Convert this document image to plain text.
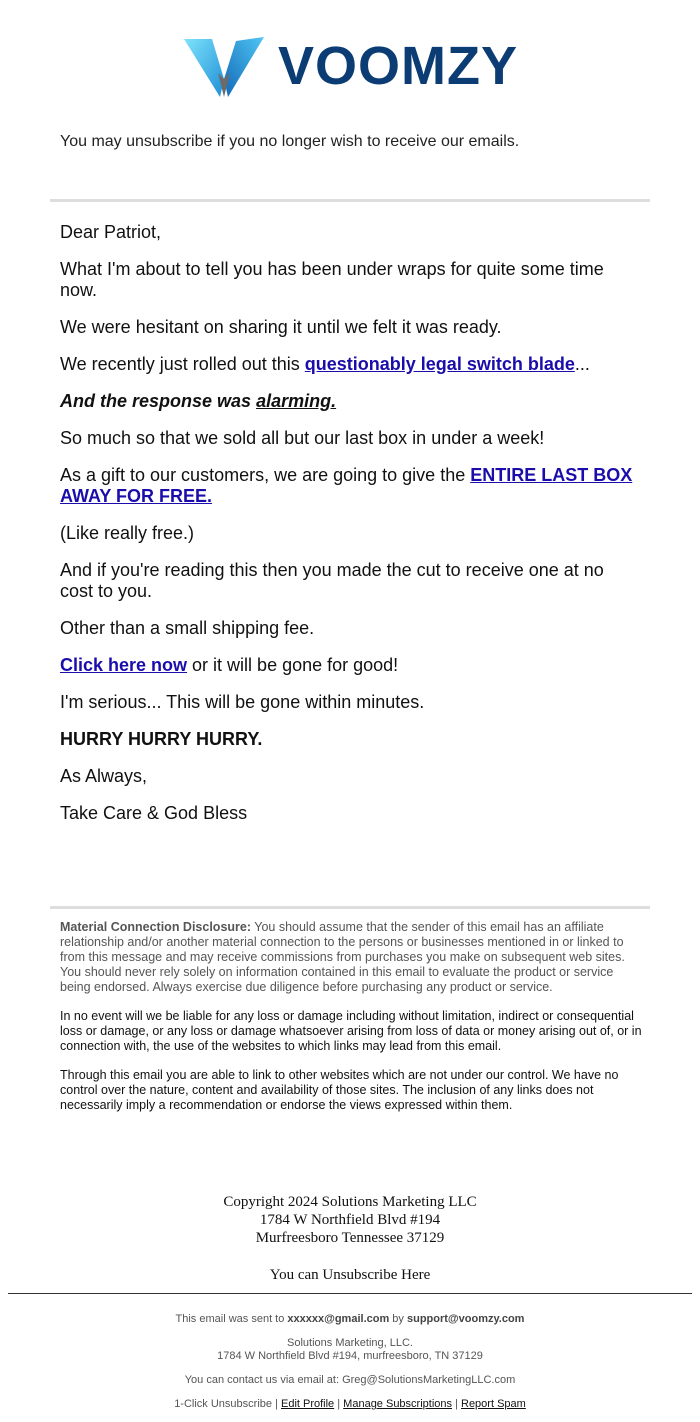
VOOMZY
You may unsubscribe if you no longer wish to receive our emails.

Dear Patriot,

What I'm about to tell you has been under wraps for quite some time now.

We were hesitant on sharing it until we felt it was ready.

We recently just rolled out this questionably legal switch blade...

And the response was alarming.

So much so that we sold all but our last box in under a week!

As a gift to our customers, we are going to give the ENTIRE LAST BOX AWAY FOR FREE.

(Like really free.)

And if you're reading this then you made the cut to receive one at no cost to you.

Other than a small shipping fee.

Click here now or it will be gone for good!

I'm serious... This will be gone within minutes.

HURRY HURRY HURRY.

As Always,

Take Care & God Bless

Material Connection Disclosure: You should assume that the sender of this email has an affiliate relationship and/or another material connection to the persons or businesses mentioned in or linked to from this message and may receive commissions from purchases you make on subsequent web sites. You should never rely solely on information contained in this email to evaluate the product or service being endorsed. Always exercise due diligence before purchasing any product or service.

In no event will we be liable for any loss or damage including without limitation, indirect or consequential loss or damage, or any loss or damage whatsoever arising from loss of data or money arising out of, or in connection with, the use of the websites to which links may lead from this email.

Through this email you are able to link to other websites which are not under our control. We have no control over the nature, content and availability of those sites. The inclusion of any links does not necessarily imply a recommendation or endorse the views expressed within them.

Copyright 2024 Solutions Marketing LLC
1784 W Northfield Blvd #194
Murfreesboro Tennessee 37129
You can Unsubscribe Here
This email was sent to xxxxxx@gmail.com by support@voomzy.com
Solutions Marketing, LLC.
1784 W Northfield Blvd #194, murfreesboro, TN 37129
You can contact us via email at: Greg@SolutionsMarketingLLC.com
1-Click Unsubscribe | Edit Profile | Manage Subscriptions | Report Spam
